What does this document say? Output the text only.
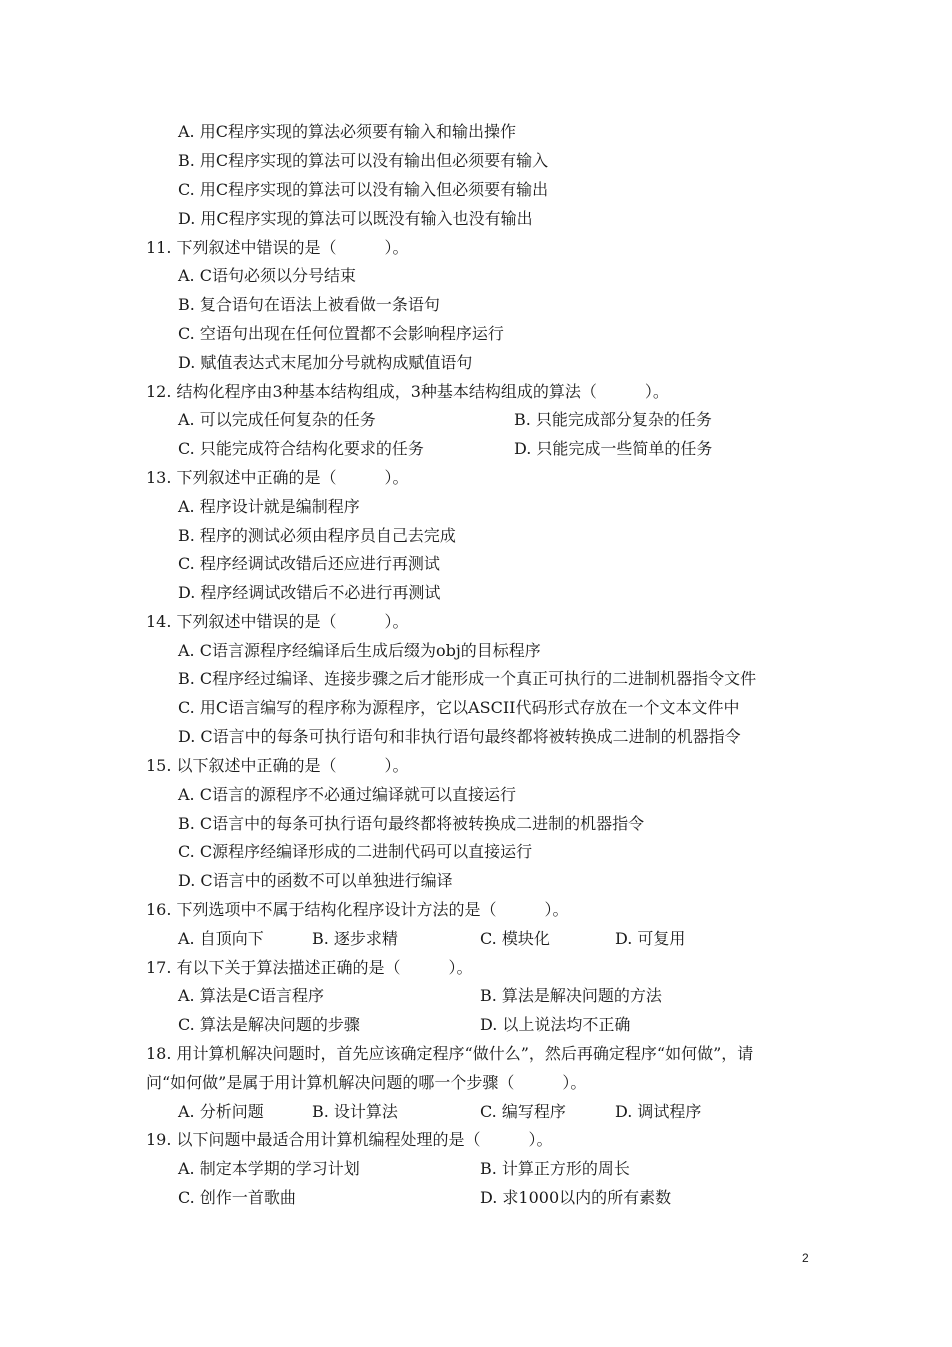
A. 用C程序实现的算法必须要有输入和输出操作
B. 用C程序实现的算法可以没有输出但必须要有输入
C. 用C程序实现的算法可以没有输入但必须要有输出
D. 用C程序实现的算法可以既没有输入也没有输出
11. 下列叙述中错误的是（　　　）。
A. C语句必须以分号结束
B. 复合语句在语法上被看做一条语句
C. 空语句出现在任何位置都不会影响程序运行
D. 赋值表达式末尾加分号就构成赋值语句
12. 结构化程序由3种基本结构组成，3种基本结构组成的算法（　　　）。
A. 可以完成任何复杂的任务	B. 只能完成部分复杂的任务
C. 只能完成符合结构化要求的任务	D. 只能完成一些简单的任务
13. 下列叙述中正确的是（　　　）。
A. 程序设计就是编制程序
B. 程序的测试必须由程序员自己去完成
C. 程序经调试改错后还应进行再测试
D. 程序经调试改错后不必进行再测试
14. 下列叙述中错误的是（　　　）。
A. C语言源程序经编译后生成后缀为obj的目标程序
B. C程序经过编译、连接步骤之后才能形成一个真正可执行的二进制机器指令文件
C. 用C语言编写的程序称为源程序，它以ASCII代码形式存放在一个文本文件中
D. C语言中的每条可执行语句和非执行语句最终都将被转换成二进制的机器指令
15. 以下叙述中正确的是（　　　）。
A. C语言的源程序不必通过编译就可以直接运行
B. C语言中的每条可执行语句最终都将被转换成二进制的机器指令
C. C源程序经编译形成的二进制代码可以直接运行
D. C语言中的函数不可以单独进行编译
16. 下列选项中不属于结构化程序设计方法的是（　　　）。
A. 自顶向下	B. 逐步求精	C. 模块化	D. 可复用
17. 有以下关于算法描述正确的是（　　　）。
A. 算法是C语言程序	B. 算法是解决问题的方法
C. 算法是解决问题的步骤	D. 以上说法均不正确
18. 用计算机解决问题时，首先应该确定程序“做什么”，然后再确定程序“如何做”，请
问“如何做”是属于用计算机解决问题的哪一个步骤（　　　）。
A. 分析问题	B. 设计算法	C. 编写程序	D. 调试程序
19. 以下问题中最适合用计算机编程处理的是（　　　）。
A. 制定本学期的学习计划	B. 计算正方形的周长
C. 创作一首歌曲	D. 求1000以内的所有素数
2
